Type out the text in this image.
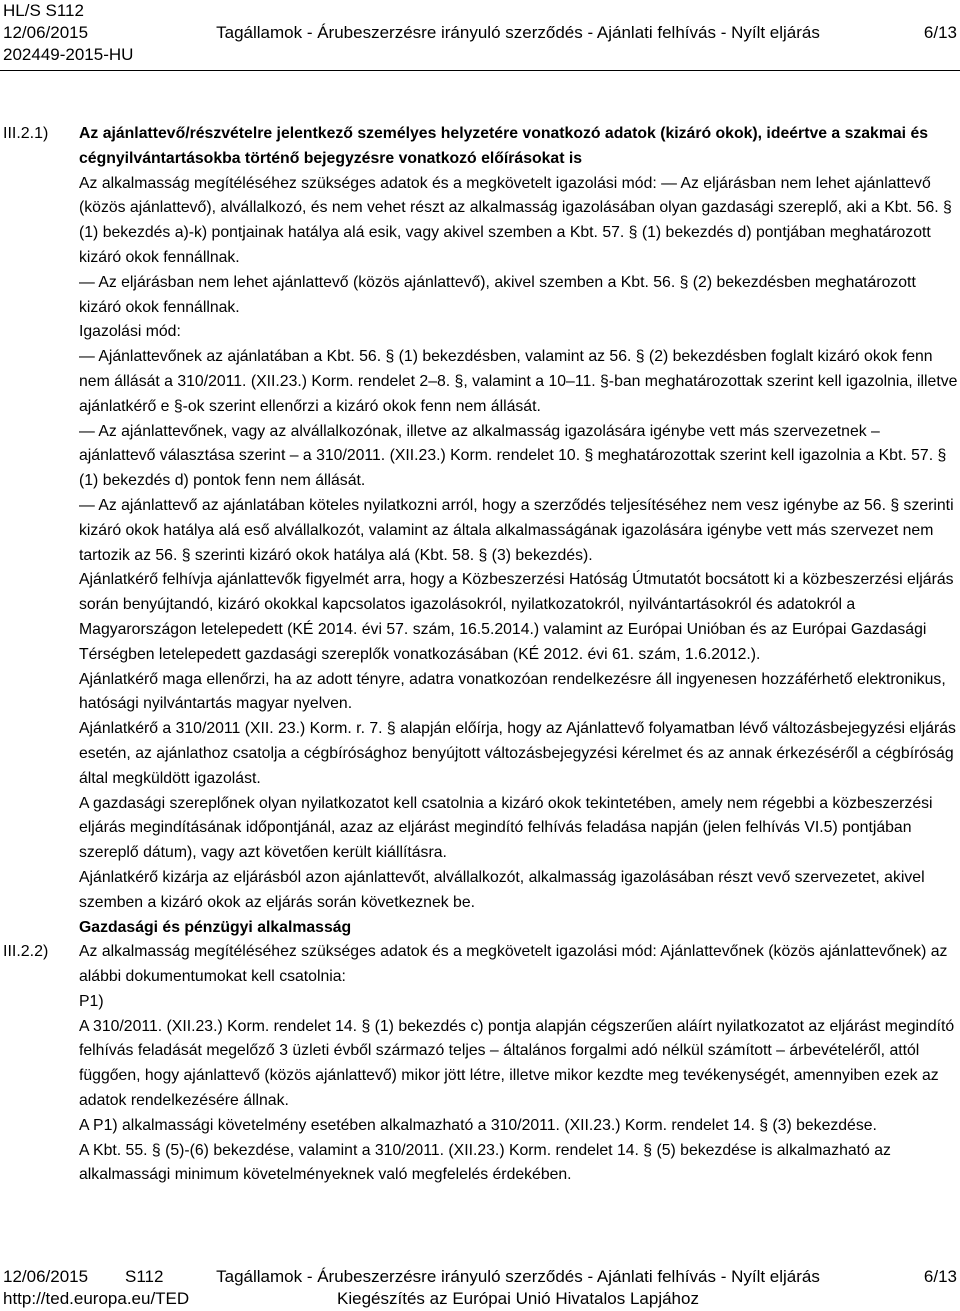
HL/S S112
12/06/2015
202449-2015-HU
Tagállamok - Árubeszerzésre irányuló szerződés - Ajánlati felhívás - Nyílt eljárás	6/13
III.2.1)
III.2.2)

Az ajánlattevő/részvételre jelentkező személyes helyzetére vonatkozó adatok (kizáró okok), ideértve a szakmai és cégnyilvántartásokba történő bejegyzésre vonatkozó előírásokat is

Az alkalmasság megítéléséhez szükséges adatok és a megkövetelt igazolási mód: — Az eljárásban nem lehet ajánlattevő (közös ajánlattevő), alvállalkozó, és nem vehet részt az alkalmasság igazolásában olyan gazdasági szereplő, aki a Kbt. 56. § (1) bekezdés a)-k) pontjainak hatálya alá esik, vagy akivel szemben a Kbt. 57. § (1) bekezdés d) pontjában meghatározott kizáró okok fennállnak.

— Az eljárásban nem lehet ajánlattevő (közös ajánlattevő), akivel szemben a Kbt. 56. § (2) bekezdésben meghatározott kizáró okok fennállnak.

Igazolási mód:

— Ajánlattevőnek az ajánlatában a Kbt. 56. § (1) bekezdésben, valamint az 56. § (2) bekezdésben foglalt kizáró okok fenn nem állását a 310/2011. (XII.23.) Korm. rendelet 2–8. §, valamint a 10–11. §-ban meghatározottak szerint kell igazolnia, illetve ajánlatkérő e §-ok szerint ellenőrzi a kizáró okok fenn nem állását.

— Az ajánlattevőnek, vagy az alvállalkozónak, illetve az alkalmasság igazolására igénybe vett más szervezetnek – ajánlattevő választása szerint – a 310/2011. (XII.23.) Korm. rendelet 10. § meghatározottak szerint kell igazolnia a Kbt. 57. § (1) bekezdés d) pontok fenn nem állását.

— Az ajánlattevő az ajánlatában köteles nyilatkozni arról, hogy a szerződés teljesítéséhez nem vesz igénybe az 56. § szerinti kizáró okok hatálya alá eső alvállalkozót, valamint az általa alkalmasságának igazolására igénybe vett más szervezet nem tartozik az 56. § szerinti kizáró okok hatálya alá (Kbt. 58. § (3) bekezdés).

Ajánlatkérő felhívja ajánlattevők figyelmét arra, hogy a Közbeszerzési Hatóság Útmutatót bocsátott ki a közbeszerzési eljárás során benyújtandó, kizáró okokkal kapcsolatos igazolásokról, nyilatkozatokról, nyilvántartásokról és adatokról a Magyarországon letelepedett (KÉ 2014. évi 57. szám, 16.5.2014.) valamint az Európai Unióban és az Európai Gazdasági Térségben letelepedett gazdasági szereplők vonatkozásában (KÉ 2012. évi 61. szám, 1.6.2012.).

Ajánlatkérő maga ellenőrzi, ha az adott tényre, adatra vonatkozóan rendelkezésre áll ingyenesen hozzáférhető elektronikus, hatósági nyilvántartás magyar nyelven.

Ajánlatkérő a 310/2011 (XII. 23.) Korm. r. 7. § alapján előírja, hogy az Ajánlattevő folyamatban lévő változásbejegyzési eljárás esetén, az ajánlathoz csatolja a cégbírósághoz benyújtott változásbejegyzési kérelmet és az annak érkezéséről a cégbíróság által megküldött igazolást.

A gazdasági szereplőnek olyan nyilatkozatot kell csatolnia a kizáró okok tekintetében, amely nem régebbi a közbeszerzési eljárás megindításának időpontjánál, azaz az eljárást megindító felhívás feladása napján (jelen felhívás VI.5) pontjában szereplő dátum), vagy azt követően került kiállításra.

Ajánlatkérő kizárja az eljárásból azon ajánlattevőt, alvállalkozót, alkalmasság igazolásában részt vevő szervezetet, akivel szemben a kizáró okok az eljárás során következnek be.

Gazdasági és pénzügyi alkalmasság

Az alkalmasság megítéléséhez szükséges adatok és a megkövetelt igazolási mód: Ajánlattevőnek (közös ajánlattevőnek) az alábbi dokumentumokat kell csatolnia:

P1)

A 310/2011. (XII.23.) Korm. rendelet 14. § (1) bekezdés c) pontja alapján cégszerűen aláírt nyilatkozatot az eljárást megindító felhívás feladását megelőző 3 üzleti évből származó teljes – általános forgalmi adó nélkül számított – árbevételéről, attól függően, hogy ajánlattevő (közös ajánlattevő) mikor jött létre, illetve mikor kezdte meg tevékenységét, amennyiben ezek az adatok rendelkezésére állnak.

A P1) alkalmassági követelmény esetében alkalmazható a 310/2011. (XII.23.) Korm. rendelet 14. § (3) bekezdése.

A Kbt. 55. § (5)-(6) bekezdése, valamint a 310/2011. (XII.23.) Korm. rendelet 14. § (5) bekezdése is alkalmazható az alkalmassági minimum követelményeknek való megfelelés érdekében.

12/06/2015 S112	Tagállamok - Árubeszerzésre irányuló szerződés - Ajánlati felhívás - Nyílt eljárás	6/13
http://ted.europa.eu/TED	Kiegészítés az Európai Unió Hivatalos Lapjához
